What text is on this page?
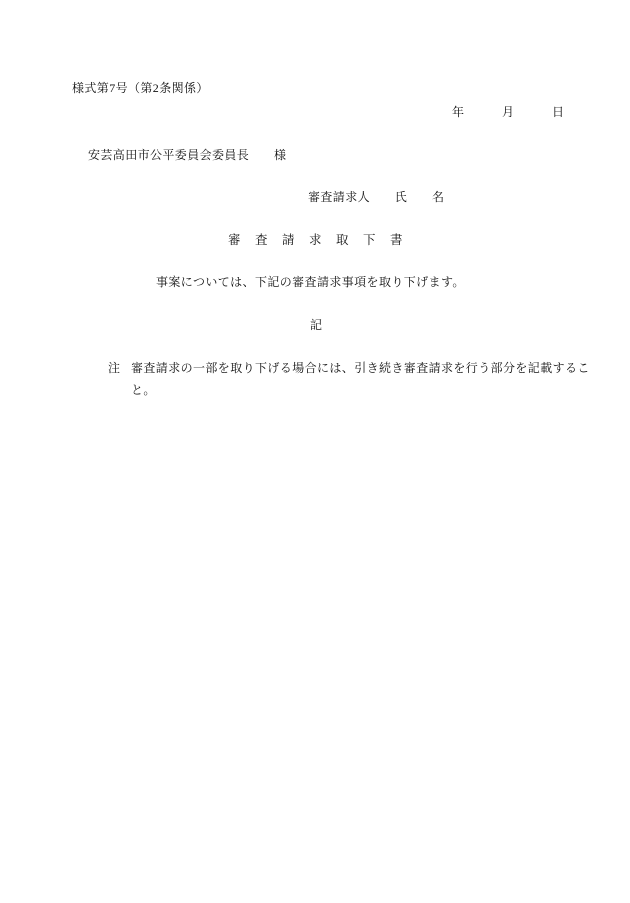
様式第7号（第2条関係）
年　　　月　　　日
安芸高田市公平委員会委員長　　様
審査請求人　　氏　　名
審　査　請　求　取　下　書
事案については、下記の審査請求事項を取り下げます。
記
注 審査請求の一部を取り下げる場合には、引き続き審査請求を行う部分を記載するこ
と。
